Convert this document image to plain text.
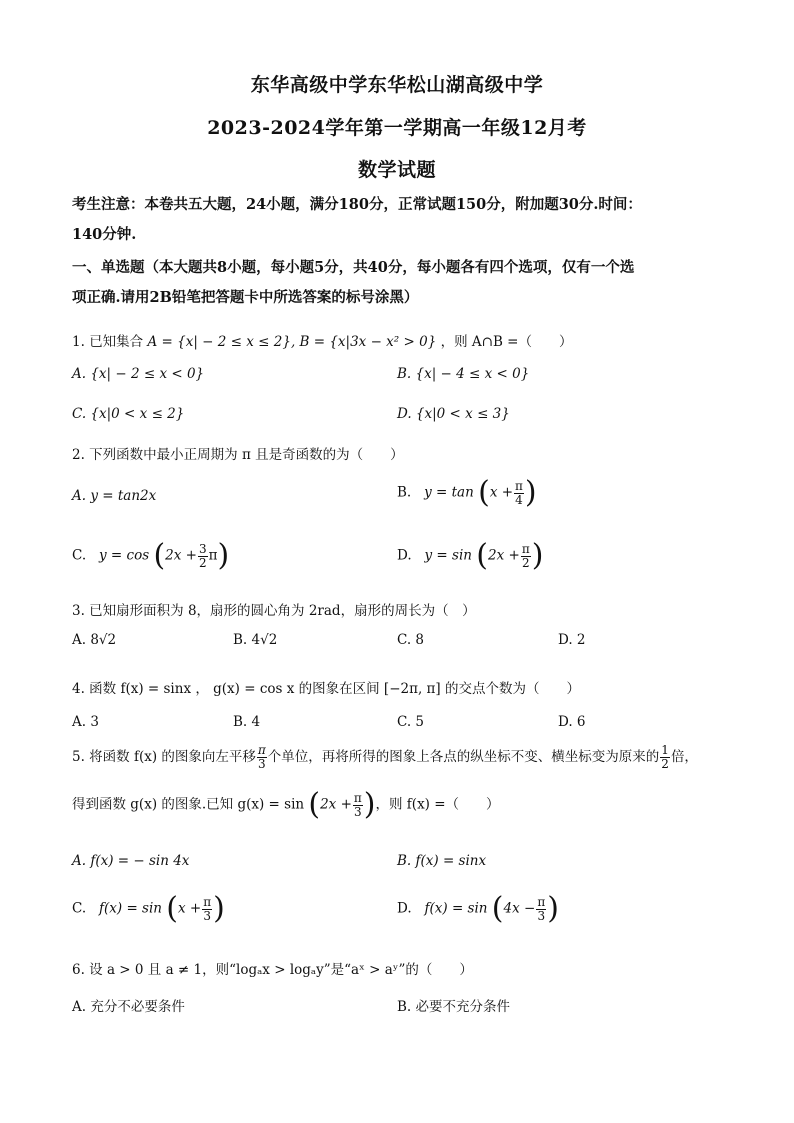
东华高级中学东华松山湖高级中学
2023-2024学年第一学期高一年级12月考
数学试题
考生注意：本卷共五大题，24小题，满分180分，正常试题150分，附加题30分.时间：
140分钟.
一、单选题（本大题共8小题，每小题5分，共40分，每小题各有四个选项，仅有一个选
项正确.请用2B铅笔把答题卡中所选答案的标号涂黑）
1. 已知集合 A = {x| − 2 ≤ x ≤ 2}, B = {x|3x − x² > 0} ，则 A∩B =（　　）
A. {x| − 2 ≤ x < 0}	B. {x| − 4 ≤ x < 0}
C. {x|0 < x ≤ 2}	D. {x|0 < x ≤ 3}
2. 下列函数中最小正周期为 π 且是奇函数的为（　　）
A. y = tan2x	B. $y = \tan (x + \frac{\pi}{4}$ )
C. $y = \cos (2x + \frac{3}{2} \pi)$	D. $y = \sin (2x + \frac{\pi}{2}$ )
3. 已知扇形面积为 8，扇形的圆心角为 2rad，扇形的周长为（　）
A. 8√2	B. 4√2	C. 8	D. 2
4. 函数 f(x) = sinx ， g(x) = cos x 的图象在区间 [−2π, π] 的交点个数为（　　）
A. 3	B. 4	C. 5	D. 6
5. 将函数 f(x) 的图象向左平移 $\frac{\pi}{3}$ 个单位，再将所得的图象上各点的纵坐标不变、横坐标变为原来的 $\frac{1}{2}$ 倍，
得到函数 g(x) 的图象.已知 $g(x) = \sin (2x + \frac{\pi}{3}$ )，则 f(x) =（　　）
A. f(x) = − sin 4x	B. f(x) = sinx
C. $f(x) = \sin (x + \frac{\pi}{3}$ )	D. $f(x) = \sin (4x - \frac{\pi}{3}$ )
6. 设 a > 0 且 a ≠ 1，则“logₐx > logₐy”是“aˣ > aʸ”的（　　）
A. 充分不必要条件	B. 必要不充分条件
